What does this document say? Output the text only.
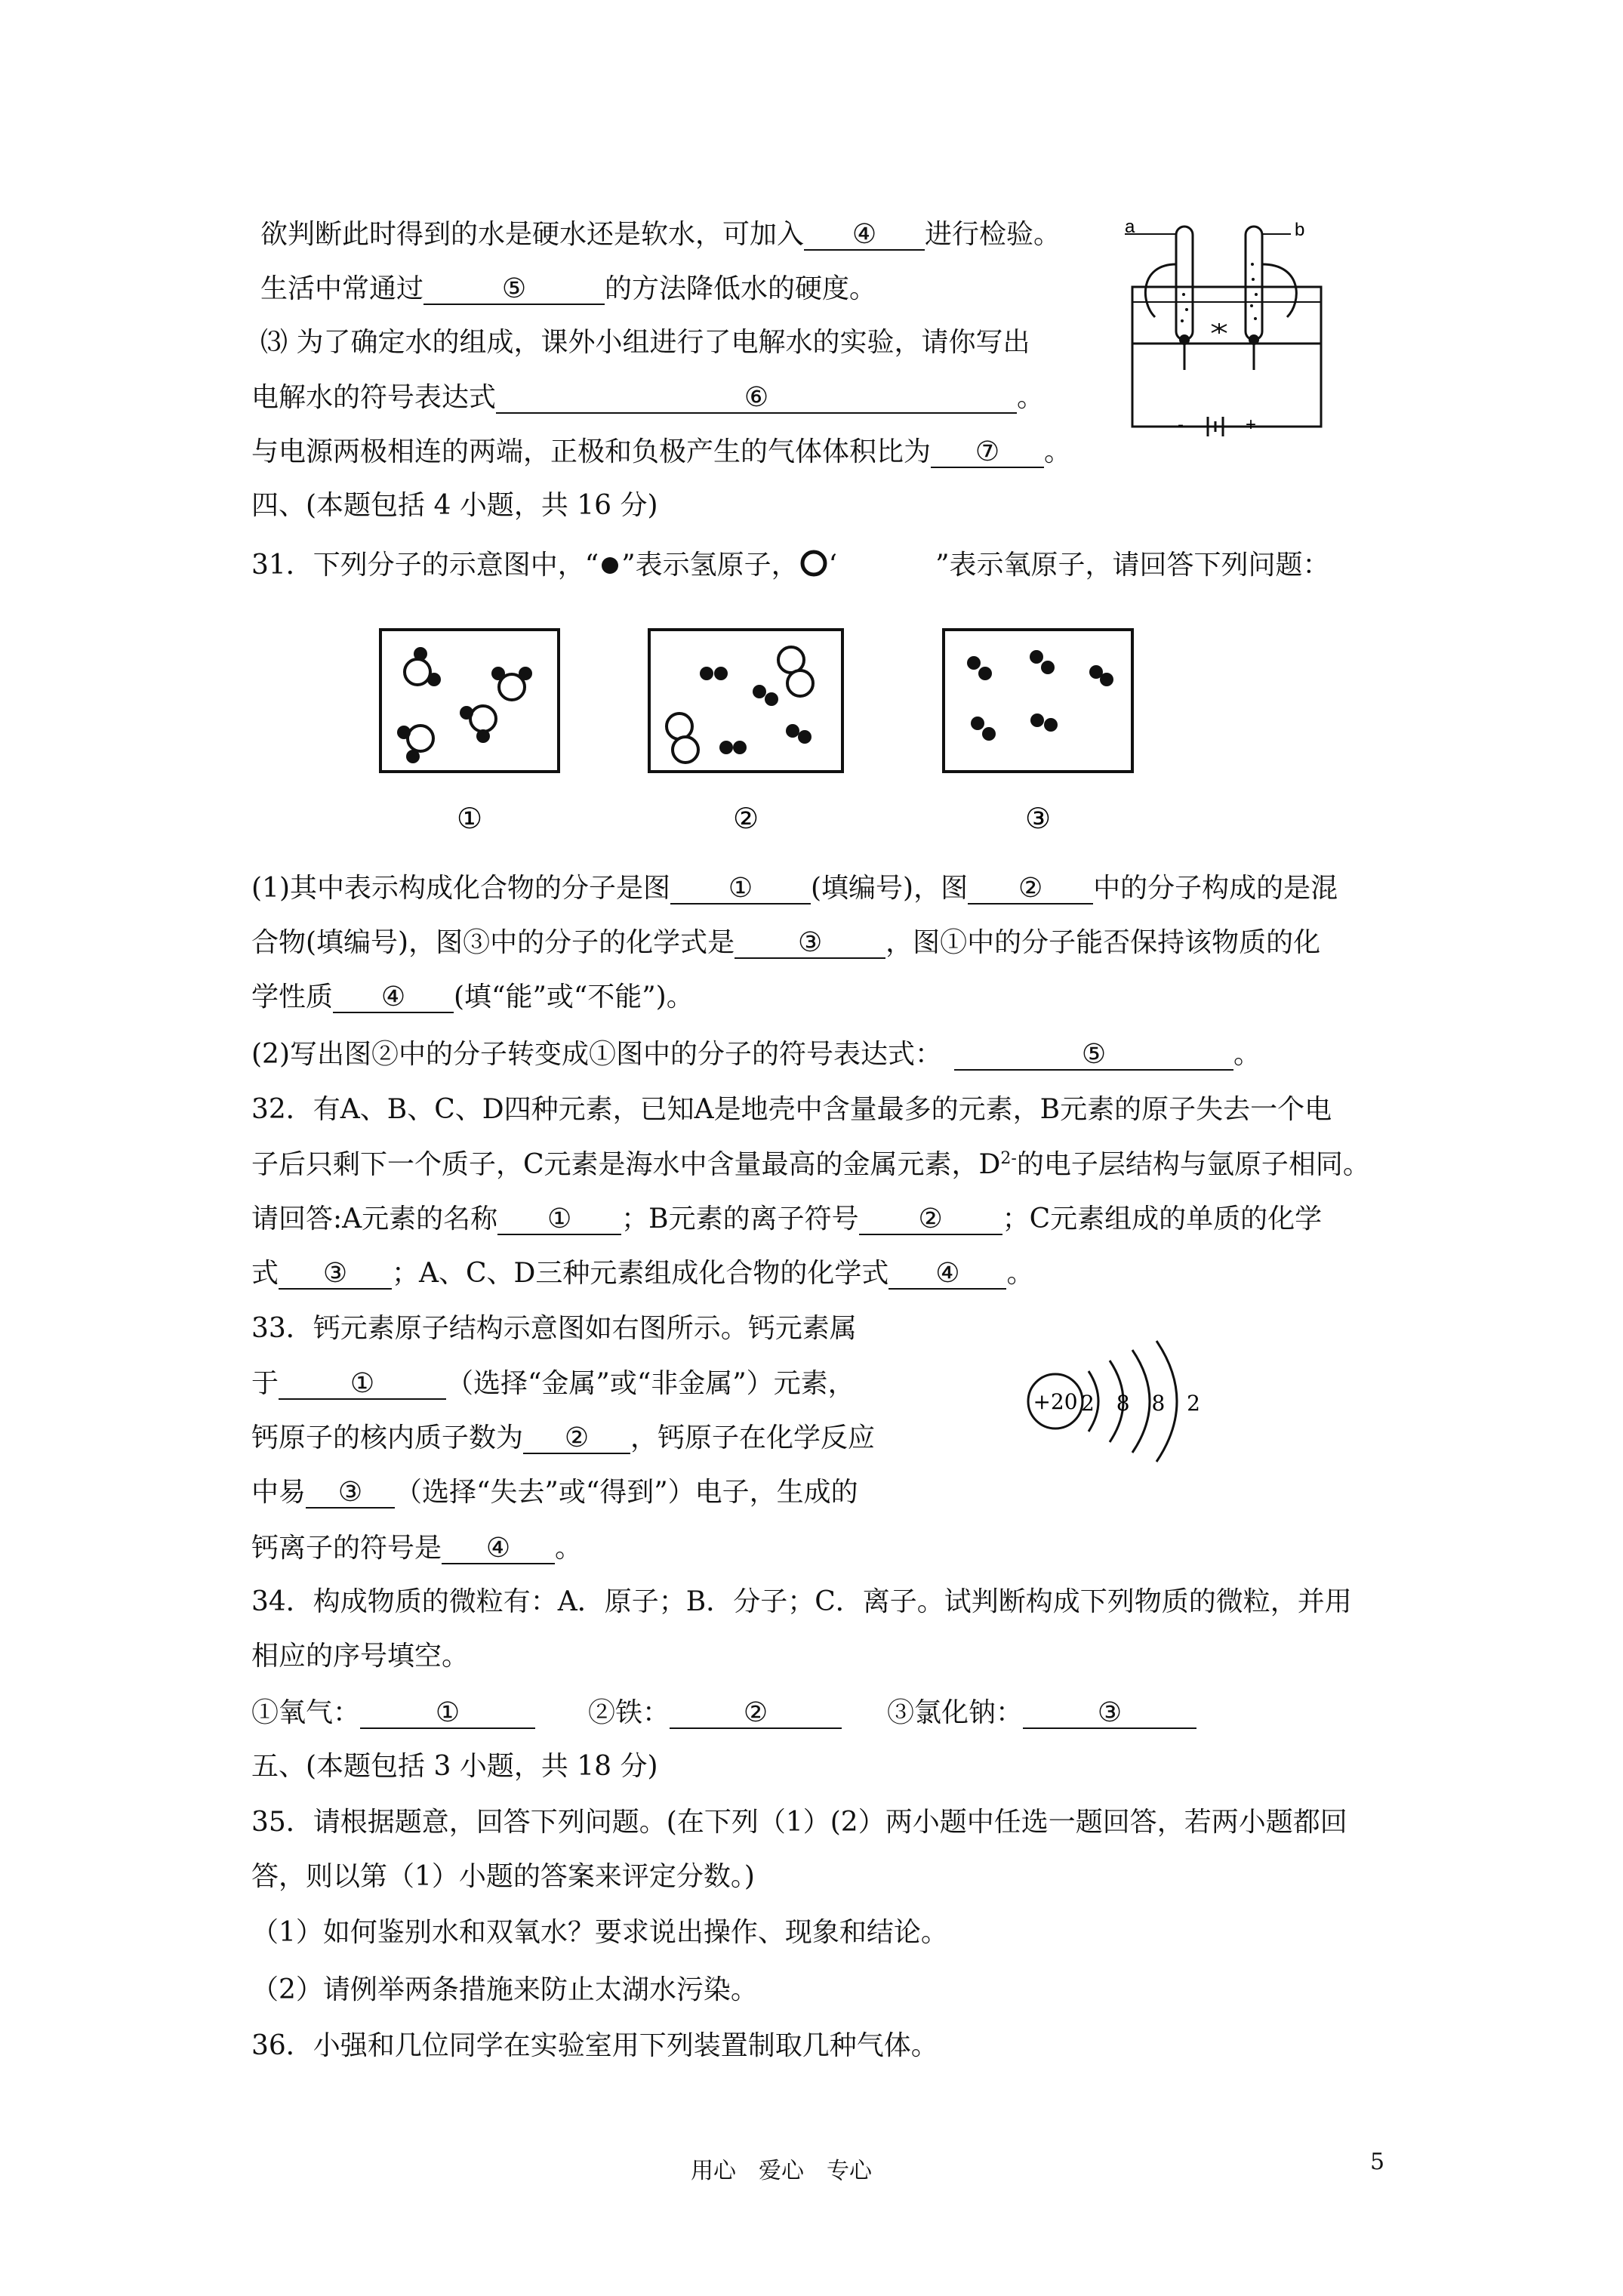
欲判断此时得到的水是硬水还是软水，可加入 ④ 进行检验。
生活中常通过	⑤	的方法降低水的硬度。
⑶ 为了确定水的组成，课外小组进行了电解水的实验，请你写出
电解水的符号表达式	⑥	。
与电源两极相连的两端，正极和负极产生的气体体积比为 ⑦ 。
a	b
-	+
四、(本题包括 4 小题，共 16 分)
31．下列分子的示意图中，“ ”表示氢原子， ‘	”表示氧原子，请回答下列问题：
①	②	③
(1)其中表示构成化合物的分子是图 ① (填编号)，图 ② 中的分子构成的是混
合物(填编号)，图③中的分子的化学式是 ③ ，图①中的分子能否保持该物质的化
学性质 ④ (填“能”或“不能”)。
(2)写出图②中的分子转变成①图中的分子的符号表达式：	⑤	。
32．有A、B、C、D四种元素，已知A是地壳中含量最多的元素，B元素的原子失去一个电
子后只剩下一个质子，C元素是海水中含量最高的金属元素，$D^{2-}$的电子层结构与氩原子相同。
请回答:A元素的名称 ① ；B元素的离子符号 ② ；C元素组成的单质的化学
式 ③ ；A、C、D三种元素组成化合物的化学式 ④ 。
33．钙元素原子结构示意图如右图所示。钙元素属
于	①	（选择“金属”或“非金属”）元素，
钙原子的核内质子数为 ② ，钙原子在化学反应
中易 ③ （选择“失去”或“得到”）电子，生成的
钙离子的符号是 ④ 。
+20 2 8 8 2
34．构成物质的微粒有：A．原子；B．分子；C．离子。试判断构成下列物质的微粒，并用
相应的序号填空。
①氧气：	①	②铁：	②	③氯化钠：	③
五、(本题包括 3 小题，共 18 分)
35．请根据题意，回答下列问题。(在下列（1）(2）两小题中任选一题回答，若两小题都回
答，则以第（1）小题的答案来评定分数。)
（1）如何鉴别水和双氧水？要求说出操作、现象和结论。
（2）请例举两条措施来防止太湖水污染。
36．小强和几位同学在实验室用下列装置制取几种气体。
用心　爱心　专心	5
